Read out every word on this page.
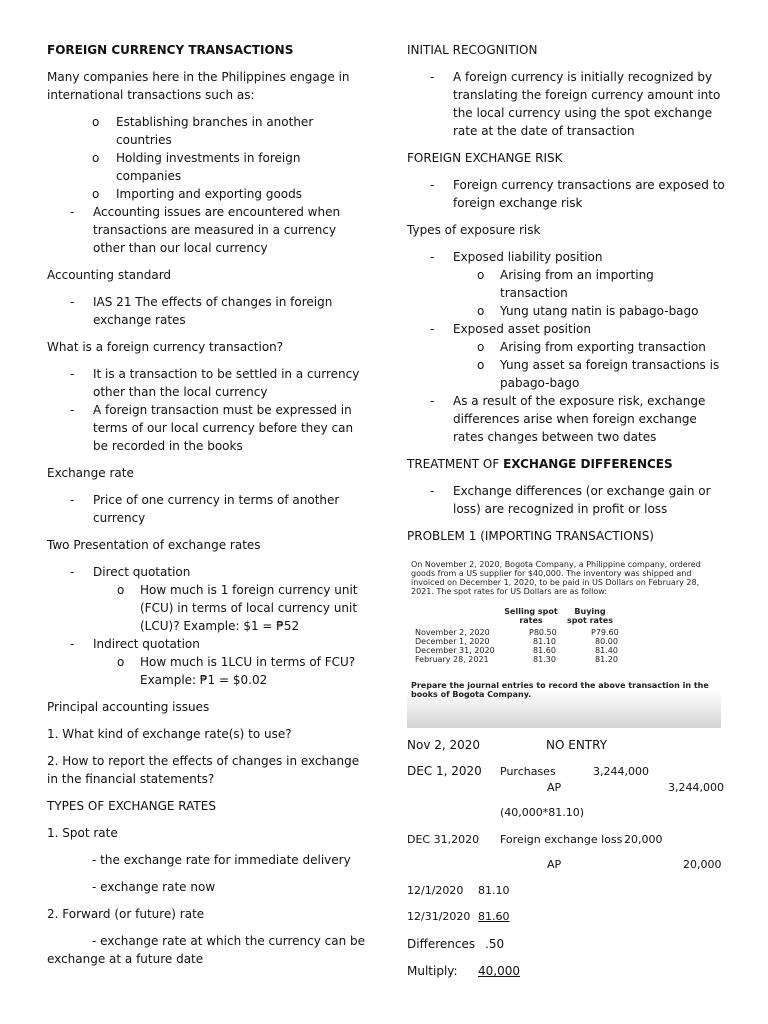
FOREIGN CURRENCY TRANSACTIONS

Many companies here in the Philippines engage in international transactions such as:

o Establishing branches in another countries
o Holding investments in foreign companies
o Importing and exporting goods
- Accounting issues are encountered when transactions are measured in a currency other than our local currency

Accounting standard

- IAS 21 The effects of changes in foreign exchange rates

What is a foreign currency transaction?

- It is a transaction to be settled in a currency other than the local currency
- A foreign transaction must be expressed in terms of our local currency before they can be recorded in the books

Exchange rate

- Price of one currency in terms of another currency

Two Presentation of exchange rates

- Direct quotation
o How much is 1 foreign currency unit (FCU) in terms of local currency unit (LCU)? Example: $1 = ₱52
- Indirect quotation
o How much is 1LCU in terms of FCU? Example: ₱1 = $0.02

Principal accounting issues

1. What kind of exchange rate(s) to use?

2. How to report the effects of changes in exchange in the financial statements?

TYPES OF EXCHANGE RATES

1. Spot rate

- the exchange rate for immediate delivery

- exchange rate now

2. Forward (or future) rate

- exchange rate at which the currency can be

exchange at a future date

INITIAL RECOGNITION

- A foreign currency is initially recognized by translating the foreign currency amount into the local currency using the spot exchange rate at the date of transaction

FOREIGN EXCHANGE RISK

- Foreign currency transactions are exposed to foreign exchange risk

Types of exposure risk

- Exposed liability position
o Arising from an importing transaction
o Yung utang natin is pabago-bago
- Exposed asset position
o Arising from exporting transaction
o Yung asset sa foreign transactions is pabago-bago
- As a result of the exposure risk, exchange differences arise when foreign exchange rates changes between two dates

TREATMENT OF EXCHANGE DIFFERENCES

- Exchange differences (or exchange gain or loss) are recognized in profit or loss

PROBLEM 1 (IMPORTING TRANSACTIONS)

On November 2, 2020, Bogota Company, a Philippine company, ordered goods from a US supplier for $40,000. The inventory was shipped and invoiced on December 1, 2020, to be paid in US Dollars on February 28, 2021. The spot rates for US Dollars are as follow:
Selling spot rates
Buying spot rates
November 2, 2020	P80.50	P79.60
December 1, 2020	81.10	80.00
December 31, 2020	81.60	81.40
February 28, 2021	81.30	81.20
Prepare the journal entries to record the above transaction in the books of Bogota Company.
Nov 2, 2020	NO ENTRY
DEC 1, 2020 Purchases	3,244,000
AP	3,244,000
(40,000*81.10)
DEC 31,2020 Foreign exchange loss 20,000
AP	20,000
12/1/2020 81.10
12/31/2020 81.60
Differences .50
Multiply: 40,000
